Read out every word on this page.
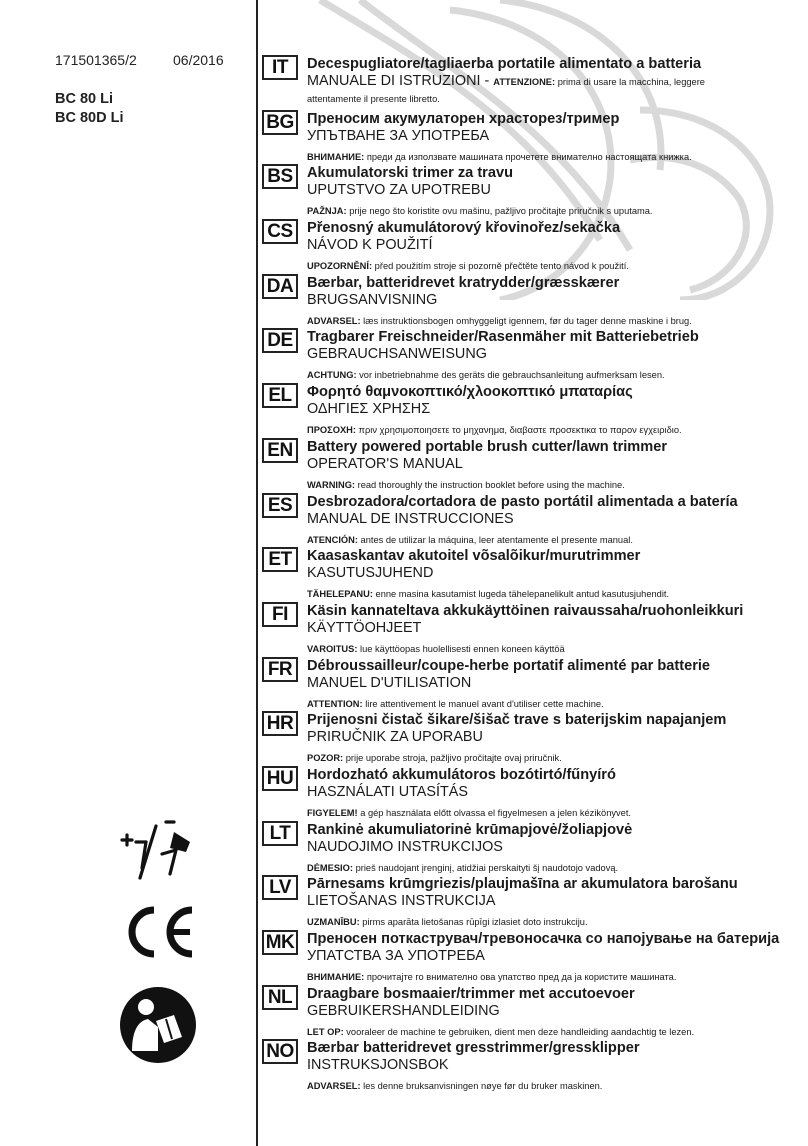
171501365/2	06/2016
BC 80 Li
BC 80D Li
IT	Decespugliatore/tagliaerba portatile alimentato a batteria
MANUALE DI ISTRUZIONI - ATTENZIONE: prima di usare la macchina, leggere
attentamente il presente libretto.
BG Преносим акумулаторен храсторез/тример
УПЪТВАНЕ ЗА УПОТРЕБА
ВНИМАНИЕ: преди да използвате машината прочетете внимателно настоящата книжка.
BS Akumulatorski trimer za travu
UPUTSTVO ZA UPOTREBU
PAŽNJA: prije nego što koristite ovu mašinu, pažljivo pročitajte priručnik s uputama.
CS Přenosný akumulátorový křovinořez/sekačka
NÁVOD K POUŽITÍ
UPOZORNĚNÍ: před použitím stroje si pozorně přečtěte tento návod k použití.
DA Bærbar, batteridrevet kratrydder/græsskærer
BRUGSANVISNING
ADVARSEL: læs instruktionsbogen omhyggeligt igennem, før du tager denne maskine i brug.
DE Tragbarer Freischneider/Rasenmäher mit Batteriebetrieb
GEBRAUCHSANWEISUNG
ACHTUNG: vor inbetriebnahme des geräts die gebrauchsanleitung aufmerksam lesen.
EL	Φορητό θαμνοκοπτικό/χλοοκοπτικό μπαταρίας
ΟΔΗΓΙΕΣ ΧΡΗΣΗΣ
ΠΡΟΣΟΧΗ: πριν χρησιμοποιησετε το μηχανημα, διαβαστε προσεκτικα το παρον εγχειριδιο.
EN Battery powered portable brush cutter/lawn trimmer
OPERATOR'S MANUAL
WARNING: read thoroughly the instruction booklet before using the machine.
ES	Desbrozadora/cortadora de pasto portátil alimentada a batería
MANUAL DE INSTRUCCIONES
ATENCIÓN: antes de utilizar la máquina, leer atentamente el presente manual.
ET	Kaasaskantav akutoitel võsalõikur/murutrimmer
KASUTUSJUHEND
TÄHELEPANU: enne masina kasutamist lugeda tähelepanelikult antud kasutusjuhendit.
FI	Käsin kannateltava akkukäyttöinen raivaussaha/ruohonleikkuri
KÄYTTÖOHJEET
VAROITUS: lue käyttöopas huolellisesti ennen koneen käyttöä
FR	Débroussailleur/coupe-herbe portatif alimenté par batterie
MANUEL D'UTILISATION
ATTENTION: lire attentivement le manuel avant d'utiliser cette machine.
HR Prijenosni čistač šikare/šišač trave s baterijskim napajanjem
PRIRUČNIK ZA UPORABU
POZOR: prije uporabe stroja, pažljivo pročitajte ovaj priručnik.
HU Hordozható akkumulátoros bozótirtó/fűnyíró
HASZNÁLATI UTASÍTÁS
FIGYELEM! a gép használata előtt olvassa el figyelmesen a jelen kézikönyvet.
LT	Rankinė akumuliatorinė krūmapjovė/žoliapjovė
NAUDOJIMO INSTRUKCIJOS
DĖMESIO: prieš naudojant įrenginį, atidžiai perskaityti šį naudotojo vadovą.
LV	Pārnesams krūmgriezis/plaujmašīna ar akumulatora barošanu
LIETOŠANAS INSTRUKCIJA
UZMANĪBU: pirms aparāta lietošanas rūpīgi izlasiet doto instrukciju.
MK Преносен поткаструвач/тревоносачка со напојување на батерија
УПАТСТВА ЗА УПОТРЕБА
ВНИМАНИЕ: прочитајте го внимателно ова упатство пред да ја користите машината.
NL	Draagbare bosmaaier/trimmer met accutoevoer
GEBRUIKERSHANDLEIDING
LET OP: vooraleer de machine te gebruiken, dient men deze handleiding aandachtig te lezen.
NO Bærbar batteridrevet gresstrimmer/gressklipper
INSTRUKSJONSBOK
ADVARSEL: les denne bruksanvisningen nøye før du bruker maskinen.
